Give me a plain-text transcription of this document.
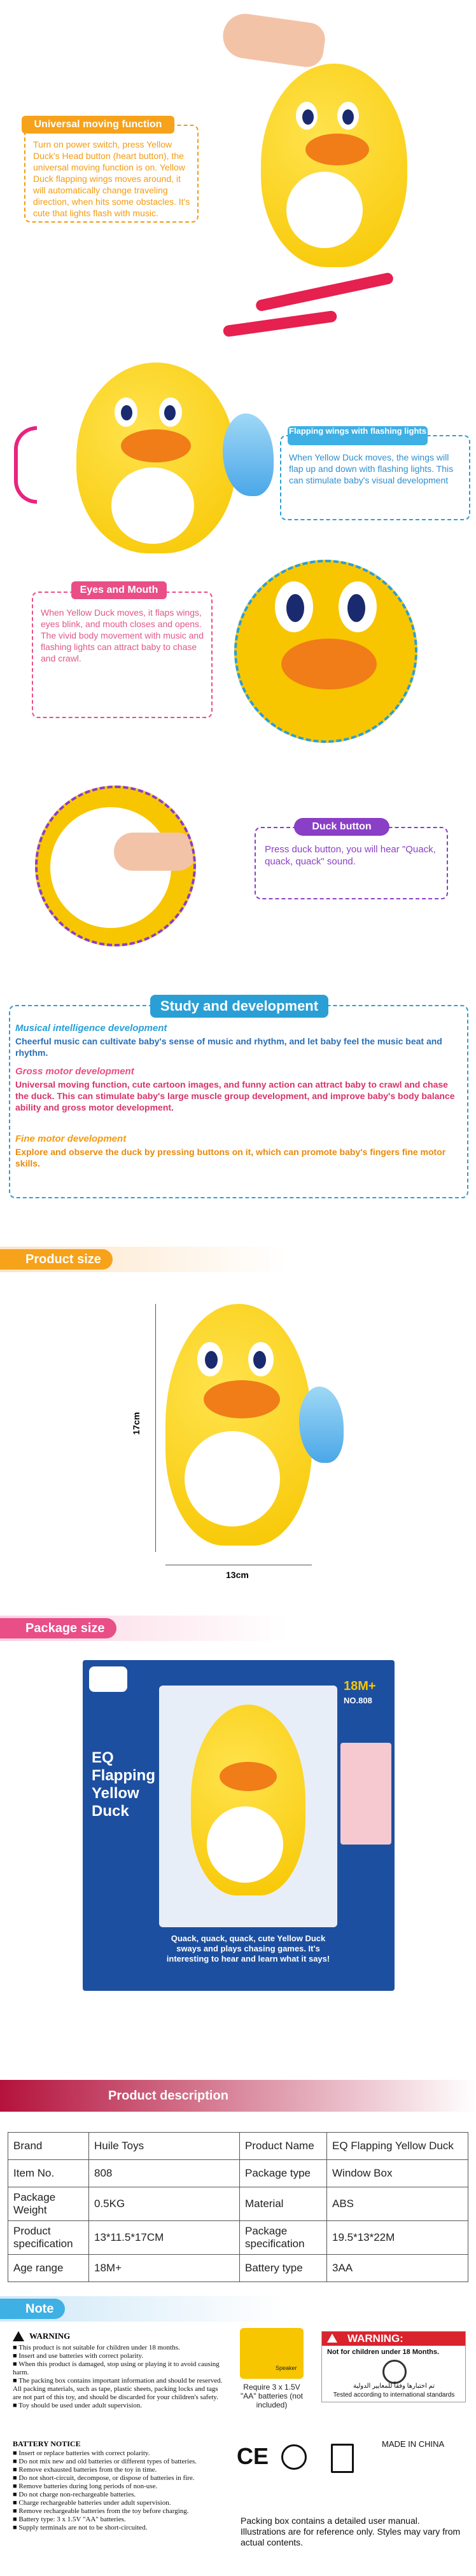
Universal moving function
Turn on power switch, press Yellow Duck's Head button (heart button), the universal moving function is on. Yellow Duck flapping wings moves around, it will automatically change traveling direction, when hits some obstacles. It's cute that lights flash with music.
Flapping wings with flashing lights
When Yellow Duck moves, the wings will flap up and down with flashing lights. This can stimulate baby's visual development
Eyes and Mouth
When Yellow Duck moves, it flaps wings, eyes blink, and mouth closes and opens. The vivid body movement with music and flashing lights can attract baby to chase and crawl.
Duck button
Press duck button, you will hear "Quack, quack, quack" sound.
Study and development
Musical intelligence development
Cheerful music can cultivate baby's sense of music and rhythm, and let baby feel the music beat and rhythm.
Gross motor development
Universal moving function, cute cartoon images, and funny action can attract baby to crawl and chase the duck. This can stimulate baby's large muscle group development, and improve baby's body balance ability and gross motor development.
Fine motor development
Explore and observe the duck by pressing buttons on it, which can promote baby's fingers fine motor skills.
Product size
17cm
13cm
Package size
EQ Flapping Yellow Duck
18M+
NO.808
Quack, quack, quack, cute Yellow Duck sways and plays chasing games. It's interesting to hear and learn what it says!
Product description
Brand	Huile Toys	Product Name	EQ Flapping Yellow Duck
Item No.	808	Package type	Window Box
Package Weight	0.5KG	Material	ABS
Product specification	13*11.5*17CM	Package specification	19.5*13*22M
Age range	18M+	Battery type	3AA
Note
WARNING
■ This product is not suitable for children under 18 months.
■ Insert and use batteries with correct polarity.
■ When this product is damaged, stop using or playing it to avoid causing harm.
■ The packing box contains important information and should be reserved. All packing materials, such as tape, plastic sheets, packing locks and tags are not part of this toy, and should be discarded for your children's safety.
■ Toy should be used under adult supervision.
BATTERY NOTICE
■ Insert or replace batteries with correct polarity.
■ Do not mix new and old batteries or different types of batteries.
■ Remove exhausted batteries from the toy in time.
■ Do not short-circuit, decompose, or dispose of batteries in fire.
■ Remove batteries during long periods of non-use.
■ Do not charge non-rechargeable batteries.
■ Charge rechargeable batteries under adult supervision.
■ Remove rechargeable batteries from the toy before charging.
■ Battery type: 3 x 1.5V "AA" batteries.
■ Supply terminals are not to be short-circuited.
Speaker
Require 3 x 1.5V "AA" batteries (not included)
WARNING:
Not for children under 18 Months.
تم اختبارها وفقاً للمعايير الدولية
Tested according to international standards
CE	MADE IN CHINA
Packing box contains a detailed user manual. Illustrations are for reference only. Styles may vary from actual contents.
